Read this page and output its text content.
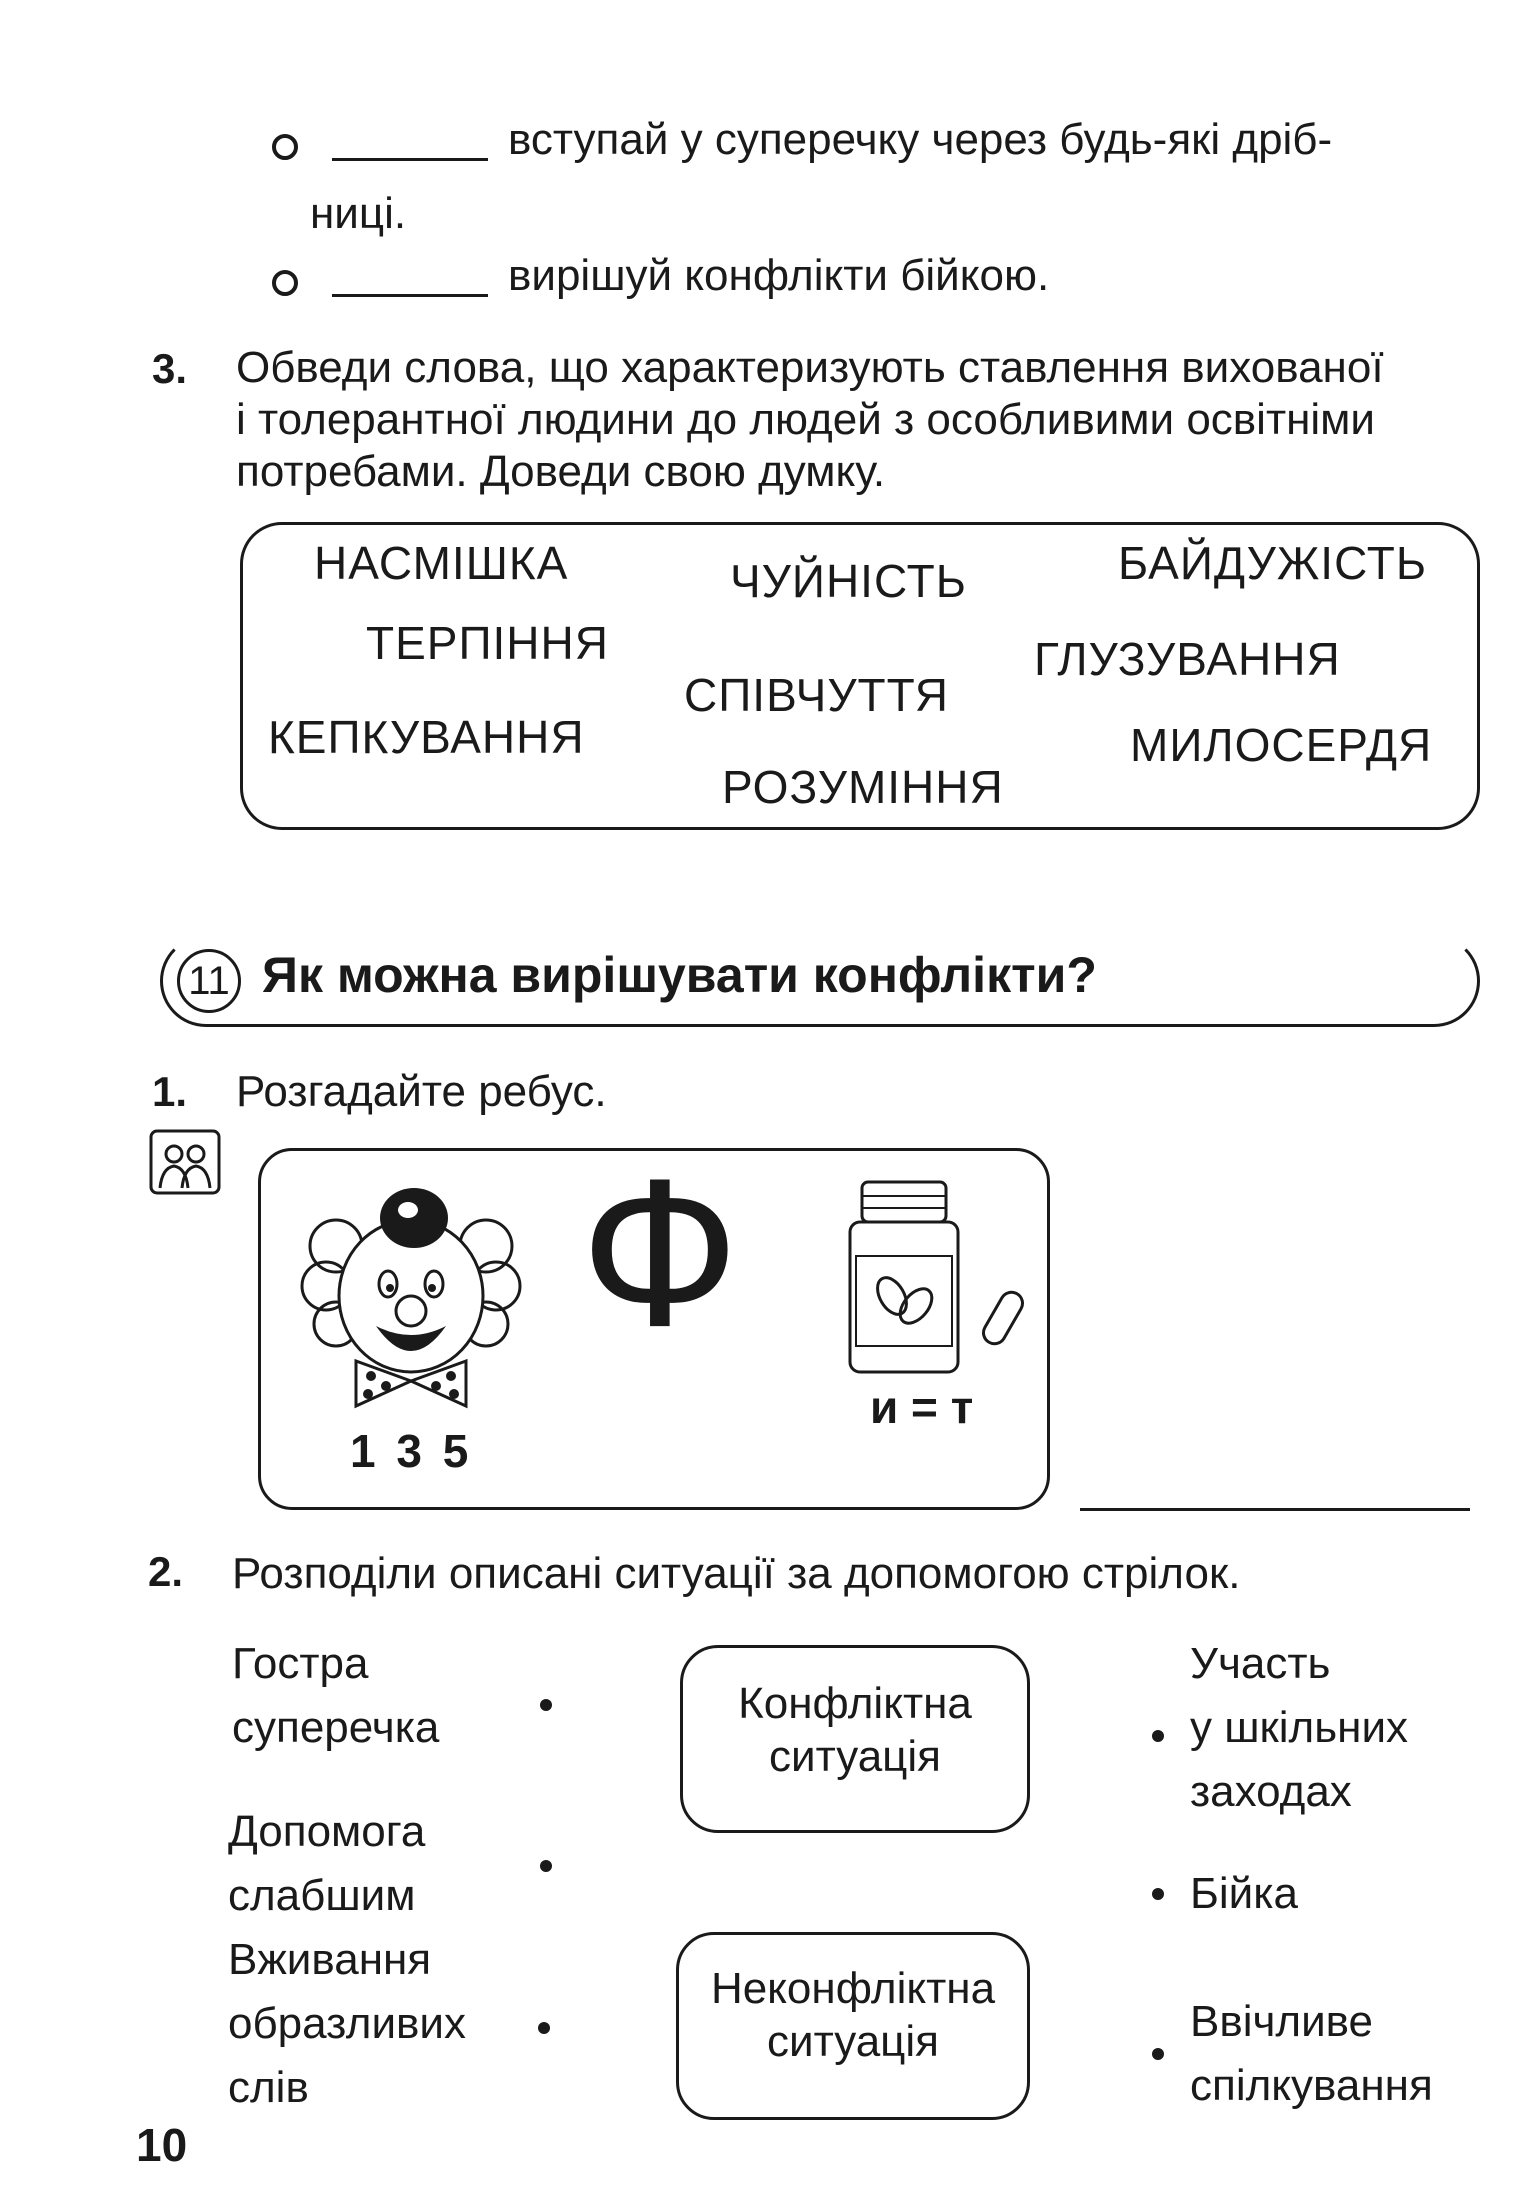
вступай у суперечку через будь-які дріб-
ниці.
вирішуй конфлікти бійкою.
3. Обведи слова, що характеризують ставлення вихованої
і толерантної людини до людей з особливими освітніми
потребами. Доведи свою думку.
НАСМІШКА	ЧУЙНІСТЬ	БАЙДУЖІСТЬ
ТЕРПІННЯ	ГЛУЗУВАННЯ
СПІВЧУТТЯ
КЕПКУВАННЯ	МИЛОСЕРДЯ
РОЗУМІННЯ
11 Як можна вирішувати конфлікти?
1. Розгадайте ребус.
1 3 5
Ф
и = т
2. Розподіли описані ситуації за допомогою стрілок.
Гостра
суперечка
Допомога
слабшим
Вживання
образливих
слів
Конфліктна
ситуація
Неконфліктна
ситуація
Участь
у шкільних
заходах
Бійка
Ввічливе
спілкування
10
